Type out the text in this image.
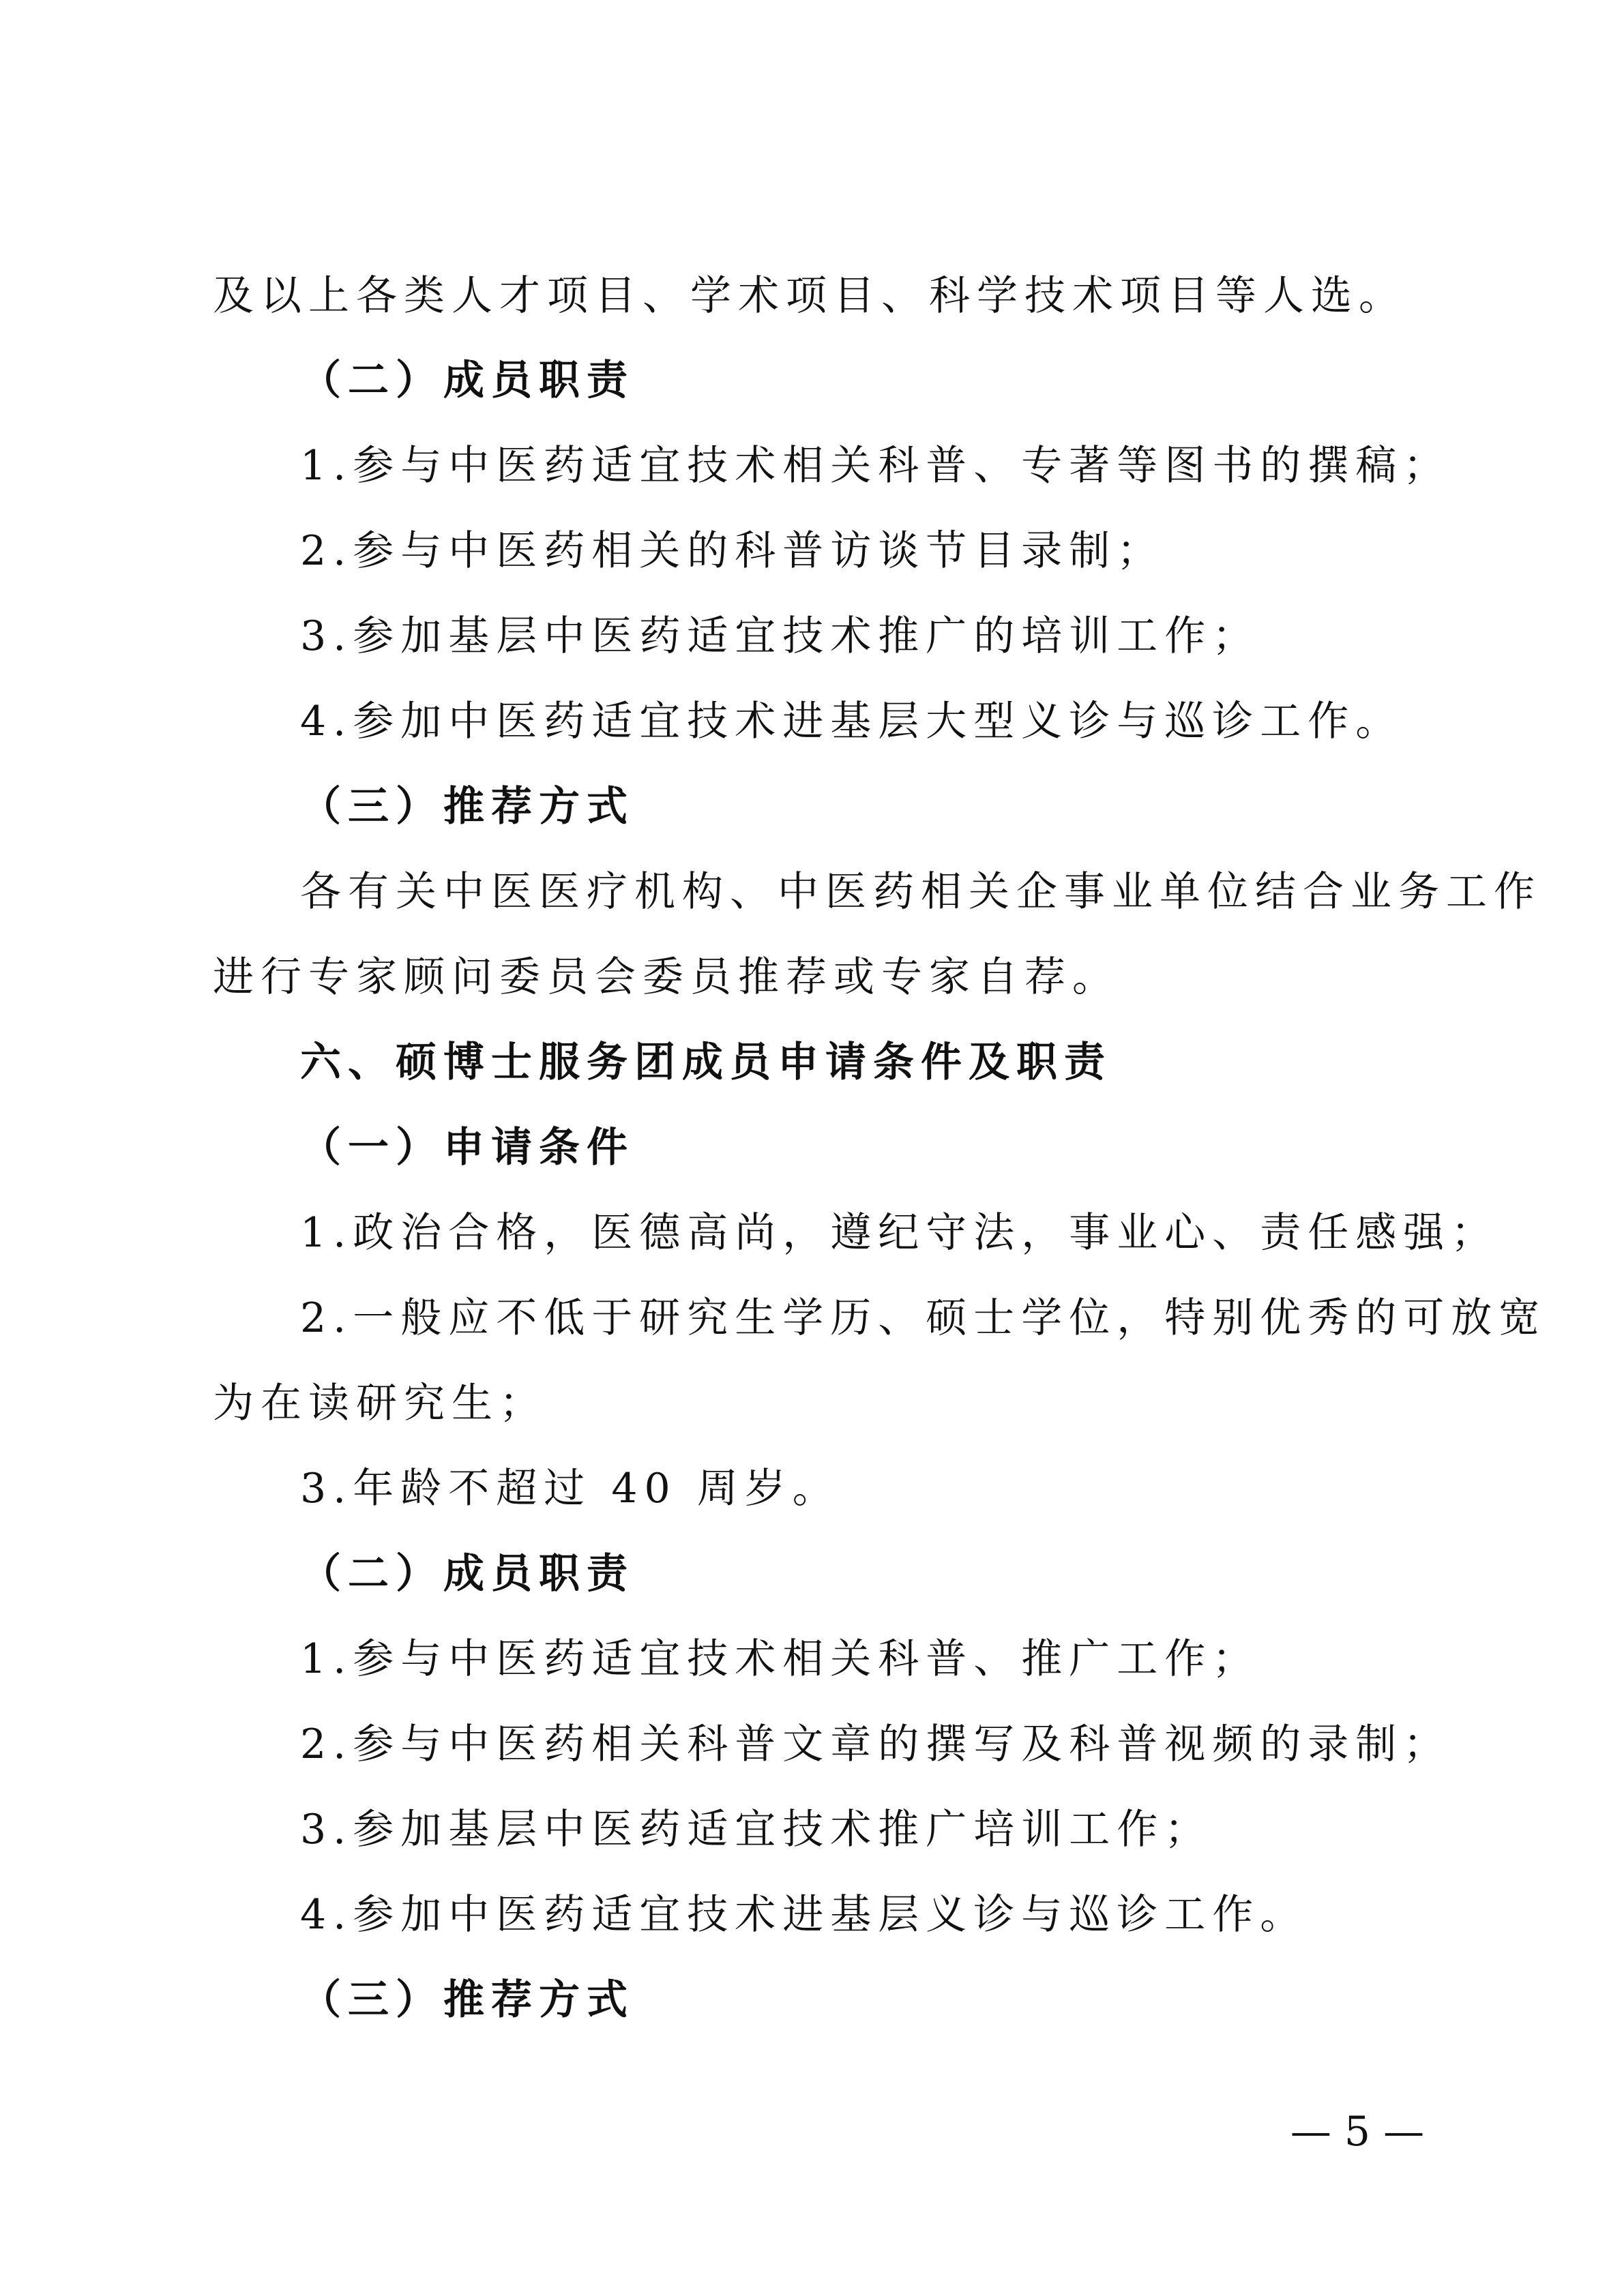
及以上各类人才项目、学术项目、科学技术项目等人选。
（二）成员职责
1.参与中医药适宜技术相关科普、专著等图书的撰稿；
2.参与中医药相关的科普访谈节目录制；
3.参加基层中医药适宜技术推广的培训工作；
4.参加中医药适宜技术进基层大型义诊与巡诊工作。
（三）推荐方式
各有关中医医疗机构、中医药相关企事业单位结合业务工作
进行专家顾问委员会委员推荐或专家自荐。
六、硕博士服务团成员申请条件及职责
（一）申请条件
1.政治合格，医德高尚，遵纪守法，事业心、责任感强；
2.一般应不低于研究生学历、硕士学位，特别优秀的可放宽
为在读研究生；
3.年龄不超过 40 周岁。
（二）成员职责
1.参与中医药适宜技术相关科普、推广工作；
2.参与中医药相关科普文章的撰写及科普视频的录制；
3.参加基层中医药适宜技术推广培训工作；
4.参加中医药适宜技术进基层义诊与巡诊工作。
（三）推荐方式
— 5 —
